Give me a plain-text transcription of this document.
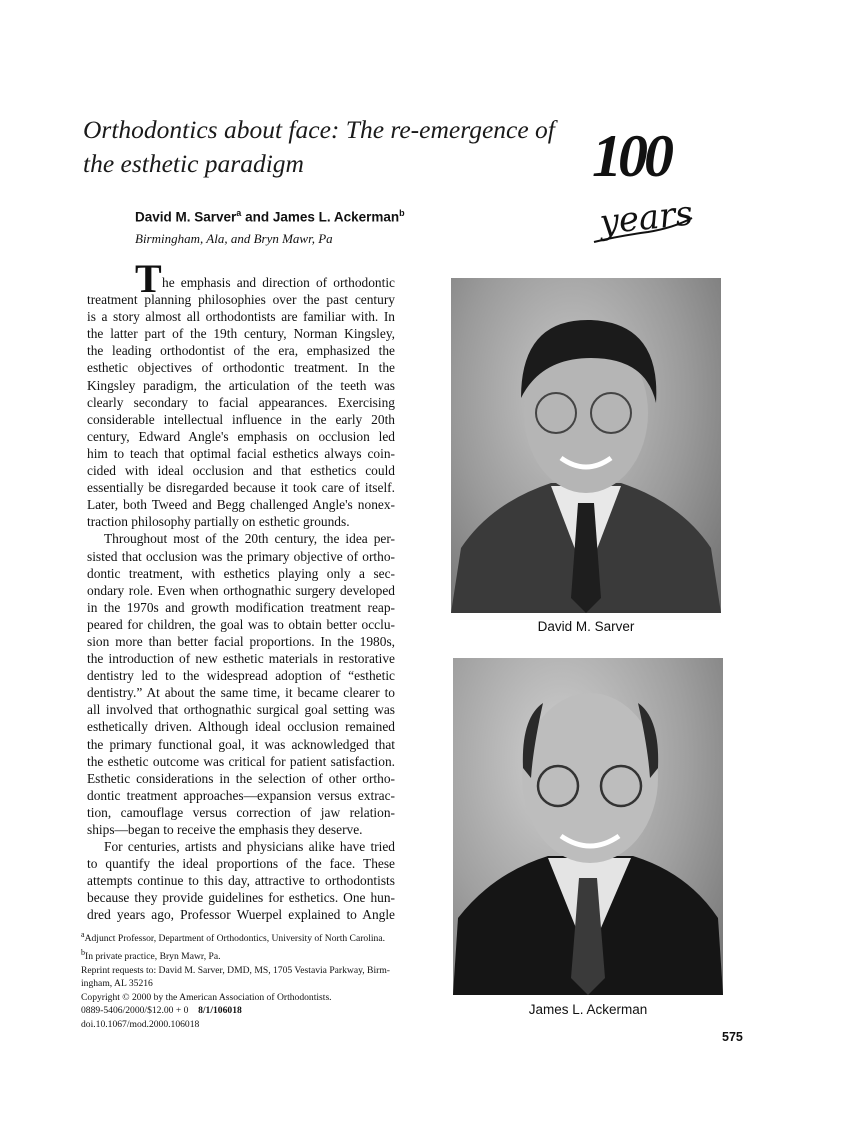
Orthodontics about face: The re-emergence of
the esthetic paradigm	100
years
David M. Sarver$^a$ and James L. Ackerman$^b$
Birmingham, Ala, and Bryn Mawr, Pa
T he emphasis and direction of orthodontic
treatment planning philosophies over the past century
is a story almost all orthodontists are familiar with. In
the latter part of the 19th century, Norman Kingsley,
the leading orthodontist of the era, emphasized the
esthetic objectives of orthodontic treatment. In the
Kingsley paradigm, the articulation of the teeth was
clearly secondary to facial appearances. Exercising
considerable intellectual influence in the early 20th
century, Edward Angle's emphasis on occlusion led
him to teach that optimal facial esthetics always coin-
cided with ideal occlusion and that esthetics could
essentially be disregarded because it took care of itself.
Later, both Tweed and Begg challenged Angle's nonex-
traction philosophy partially on esthetic grounds.
Throughout most of the 20th century, the idea per-
sisted that occlusion was the primary objective of ortho-
dontic treatment, with esthetics playing only a sec-
ondary role. Even when orthognathic surgery developed
in the 1970s and growth modification treatment reap-
peared for children, the goal was to obtain better occlu-
sion more than better facial proportions. In the 1980s,
the introduction of new esthetic materials in restorative
dentistry led to the widespread adoption of “esthetic
dentistry.” At about the same time, it became clearer to
all involved that orthognathic surgical goal setting was
esthetically driven. Although ideal occlusion remained
the primary functional goal, it was acknowledged that
the esthetic outcome was critical for patient satisfaction.
Esthetic considerations in the selection of other ortho-
dontic treatment approaches—expansion versus extrac-
tion, camouflage versus correction of jaw relation-
ships—began to receive the emphasis they deserve.
For centuries, artists and physicians alike have tried
to quantify the ideal proportions of the face. These
attempts continue to this day, attractive to orthodontists
because they provide guidelines for esthetics. One hun-
dred years ago, Professor Wuerpel explained to Angle
$^a$Adjunct Professor, Department of Orthodontics, University of North Carolina.
$^b$In private practice, Bryn Mawr, Pa.
Reprint requests to: David M. Sarver, DMD, MS, 1705 Vestavia Parkway, Birm-
ingham, AL 35216
Copyright © 2000 by the American Association of Orthodontists.
0889-5406/2000/$12.00 + 0 8/1/106018
doi.10.1067/mod.2000.106018
David M. Sarver
James L. Ackerman
575
